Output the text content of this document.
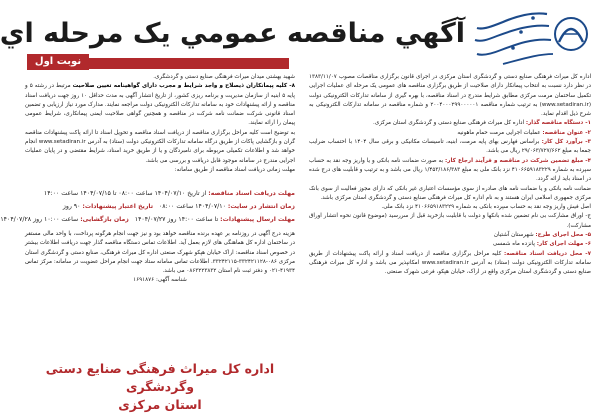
آگهي مناقصه عمومي يک مرحله اي
نوبت اول

اداره کل میراث فرهنگی صنایع دستی و گردشگری استان مرکزی در اجرای قانون برگزاری مناقصات مصوب ۱۳۸۳/۱۱/۰۷ در نظر دارد نسبت به انتخاب پیمانکار دارای صلاحیت از طریق برگزاری مناقصه های عمومی یک مرحله ای عملیات اجرایی تکمیل ساختمان مرمت مرکزی مطابق شرایط مندرج در اسناد مناقصه، با بهره گیری از سامانه تدارکات الکترونیکی دولت (www.setadiran.ir) به ترتیب شماره مناقصه ۲۰۰۴۰۰۰۲۹۹۰۰۰۰۰۱ و شماره مناقصه در سامانه تدارکات الکترونیکی به شرح ذیل اقدام نماید.

۱- دستگاه مناقصه گذار: اداره کل میراث فرهنگی صنایع دستی و گردشگری استان مرکزی.

۲- عنوان مناقصه: عملیات اجرایی مرمت حمام ماهونیه

۳- برآورد کل کار: براساس فهارس بهای پایه مرمت، ابنیه، تاسیسات مکانیکی و برقی سال ۱۴۰۴ با احتساب ضرایب جمعا به مبلغ ۲۹/۰۶۳/۷۲۷/۶۶۲ ریال می باشد.

۴- مبلغ تضمین شرکت در مناقصه و فرآیند ارجاع کار: به صورت ضمانت نامه بانکی و یا واریز وجه نقد به حساب سپرده به شماره ۴۱۰۶۶۵۹۱۸۳۲۲۹ نزد بانک ملی به مبلغ ۱/۴۵۳/۱۸۶/۳۸۳ ریال می باشد و به ترتیب و قابلیت های درج شده در اسناد باید ارائه گردد.

ضمانت نامه بانکی و یا ضمانت نامه های صادره از سوی مؤسسات اعتباری غیر بانکی که دارای مجوز فعالیت از سوی بانک مرکزی جمهوری اسلامی ایران هستند و به نام اداره کل میراث فرهنگی صنایع دستی و گردشگری استان مرکزی باشد.

اصل فیش واریز وجه نقد به حساب سپرده بانکی به شماره ۴۱۰۶۶۵۹۱۸۳۲۲۹ نزد بانک ملی.

ج- اوراق مشارکت بی نام تضمین شده بانکها و دولت با قابلیت بازخرید قبل از سررسید (موضوع قانون نحوه انتشار اوراق مشارکت).

۵- محل اجرای طرح: شهرستان آشتیان

۶- مهلت اجرای کار: پانزده ماه شمسی

۷- محل دریافت اسناد مناقصه: کلیه مراحل برگزاری مناقصه از دریافت اسناد و ارائه پاکت پیشنهادات از طریق سامانه تدارکات الکترونیکی دولت (ستاد) به آدرس www.setadiran.ir امکانپذیر می باشد و اداره کل میراث فرهنگی صنایع دستی و گردشگری استان مرکزی واقع در اراک، خیابان هپکو، فرعی شهرک صنعتی.

شهید بهشتی میدان میراث فرهنگی صنایع دستی و گردشگری.

۸- کلیه پیمانکاران ذیصلاح و واجد شرایط و مجرب دارای گواهینامه تعیین صلاحیت مرتبط در رشته ۵ و پایه ۵ ابنیه از سازمان مدیریت و برنامه ریزی کشور، از تاریخ انتشار آگهی به مدت حداقل ۱۰ روز جهت دریافت اسناد مناقصه و ارائه پیشنهادات خود به سامانه تدارکات الکترونیکی دولت مراجعه نمایند. مدارک مورد نیاز ارزیابی و تضمین اسناد قانونی شرکت ضمانت نامه شرکت در مناقصه و همچنین گواهی صلاحیت ایمنی پیمانکاری، شرایط عمومی پیمان را ارائه نمایند.

به توضیح است کلیه مراحل برگزاری مناقصه از دریافت اسناد مناقصه و تحویل اسناد تا ارائه پاکت پیشنهادات مناقصه گران و بازگشایی پاکات از طریق درگاه سامانه تدارکات الکترونیکی دولت (ستاد) به آدرس www.setadiran.ir انجام خواهد شد و اطلاعات تکمیلی مربوطه برای نامبردگان و یا از طریق خرید اسناد، شرایط مقتضی و در پایان عملیات اجرایی مندرج در سامانه موجود قابل دریافت و بررسی می باشد.

مهلت زمانی دریافت اسناد مناقصه از طریق سامانه:

مهلت دریافت اسناد مناقصه: از تاریخ ۱۴۰۴/۰۷/۱۰ ساعت ۰۸:۰۰ تا ۱۴۰۴/۰۷/۱۵ ساعت ۱۴:۰۰
زمان انتشار در سایت: ۱۴۰۴/۰۷/۱۰ ساعت ۰۸:۰۰   تاریخ اعتبار پیشنهادات: ۹۰ روز
مهلت ارسال پیشنهادات: تا ساعت ۱۴:۰۰ روز ۱۴۰۴/۰۷/۲۷   زمان بازگشایی: ساعت ۱۰:۰۰ روز ۱۴۰۴/۰۷/۲۸

هزینه درج آگهی در روزنامه بر عهده برنده مناقصه خواهد بود و نیز جهت انجام هرگونه پرداخت، با واحد مالی مستقر در ساختمان اداره کل هماهنگی های لازم بعمل آید. اطلاعات تماس دستگاه مناقصه گذار جهت دریافت اطلاعات بیشتر در خصوص اسناد مناقصه: اراک خیابان هپکو شهرک صنعتی اداره کل میراث فرهنگی، صنایع دستی و گردشگری استان مرکزی ۰۸۶-۳۳۲۴۲۱۱۲۸-۳۳۲۴۲۱۱۵. اطلاعات تماس سامانه ستاد جهت انجام مراحل عضویت در سامانه: مرکز تماس ۴۱۹۳۴-۰۲۱ و دفتر ثبت نام استان ۰۸۶۳۲۲۳۸۳۲ می باشد.

شناسه آگهی: ۱۶۹۱۸۷۶

اداره کل میراث فرهنگی صنایع دستی وگردشگری
استان مرکزی
